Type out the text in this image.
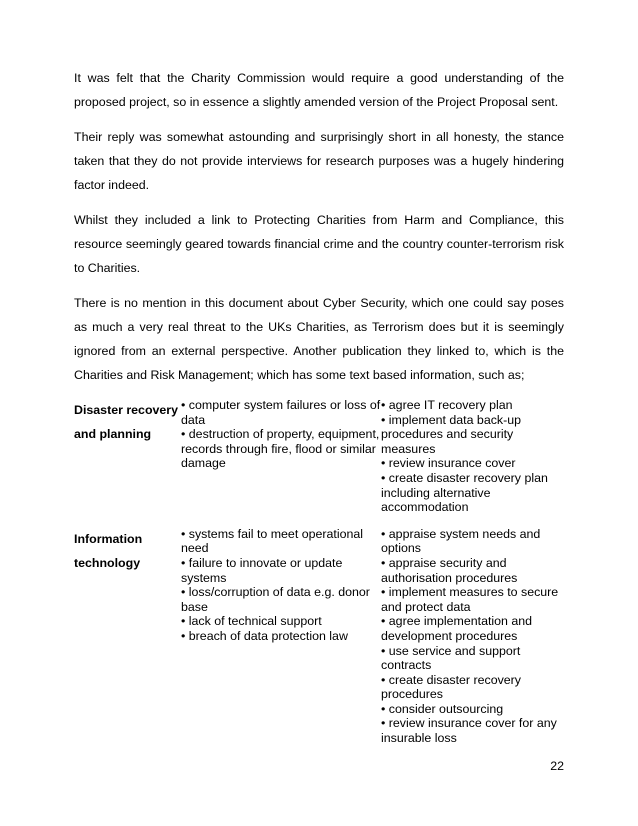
It was felt that the Charity Commission would require a good understanding of the proposed project, so in essence a slightly amended version of the Project Proposal sent.

Their reply was somewhat astounding and surprisingly short in all honesty, the stance taken that they do not provide interviews for research purposes was a hugely hindering factor indeed.

Whilst they included a link to Protecting Charities from Harm and Compliance, this resource seemingly geared towards financial crime and the country counter-terrorism risk to Charities.

There is no mention in this document about Cyber Security, which one could say poses as much a very real threat to the UKs Charities, as Terrorism does but it is seemingly ignored from an external perspective. Another publication they linked to, which is the Charities and Risk Management; which has some text based information, such as;

Disaster recovery
and planning
• computer system failures or loss of data
• destruction of property, equipment, records through fire, flood or similar damage
• agree IT recovery plan
• implement data back-up procedures and security measures
• review insurance cover
• create disaster recovery plan including alternative accommodation
Information
technology
• systems fail to meet operational need
• failure to innovate or update systems
• loss/corruption of data e.g. donor base
• lack of technical support
• breach of data protection law
• appraise system needs and options
• appraise security and authorisation procedures
• implement measures to secure and protect data
• agree implementation and development procedures
• use service and support contracts
• create disaster recovery procedures
• consider outsourcing
• review insurance cover for any insurable loss
22
